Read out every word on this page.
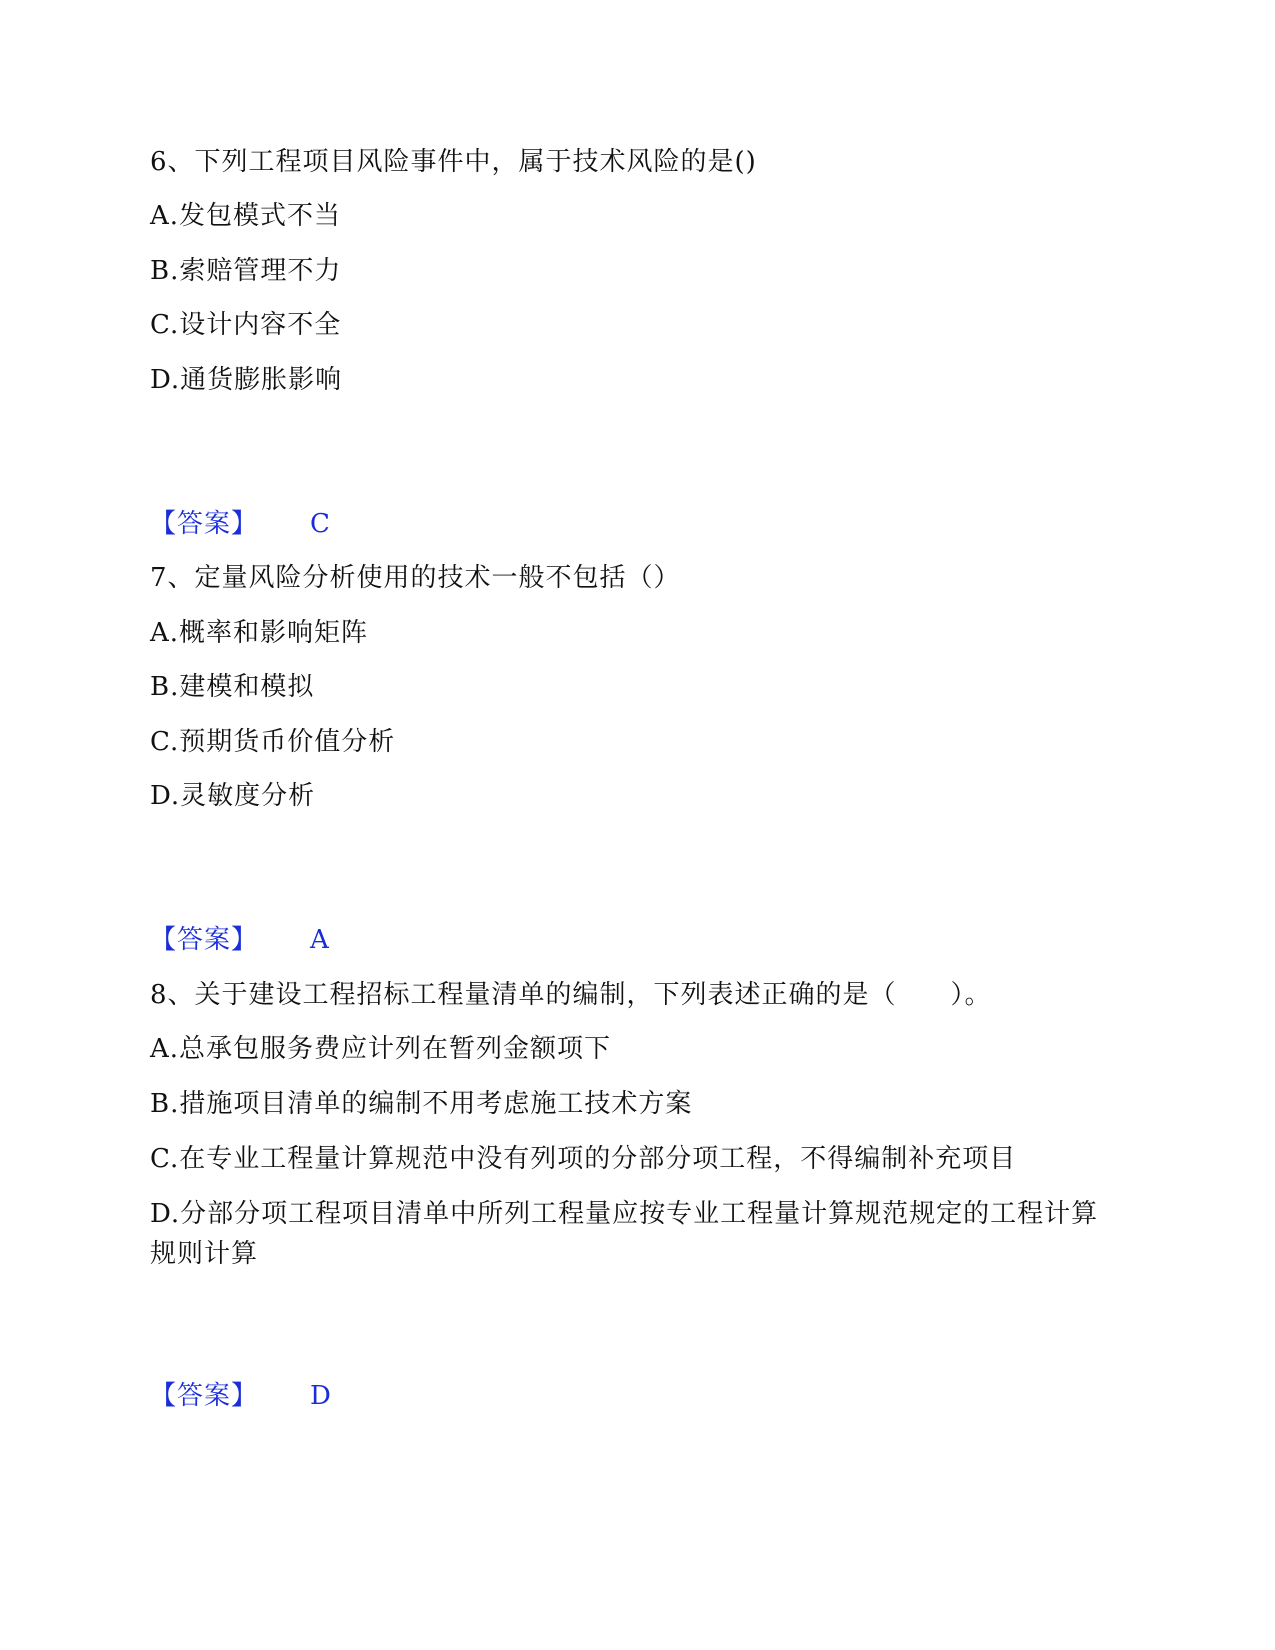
6、下列工程项目风险事件中，属于技术风险的是()
A.发包模式不当
B.索赔管理不力
C.设计内容不全
D.通货膨胀影响
【答案】 C
7、定量风险分析使用的技术一般不包括（）
A.概率和影响矩阵
B.建模和模拟
C.预期货币价值分析
D.灵敏度分析
【答案】 A
8、关于建设工程招标工程量清单的编制，下列表述正确的是（　　）。
A.总承包服务费应计列在暂列金额项下
B.措施项目清单的编制不用考虑施工技术方案
C.在专业工程量计算规范中没有列项的分部分项工程，不得编制补充项目
D.分部分项工程项目清单中所列工程量应按专业工程量计算规范规定的工程计算规则计算
【答案】 D
